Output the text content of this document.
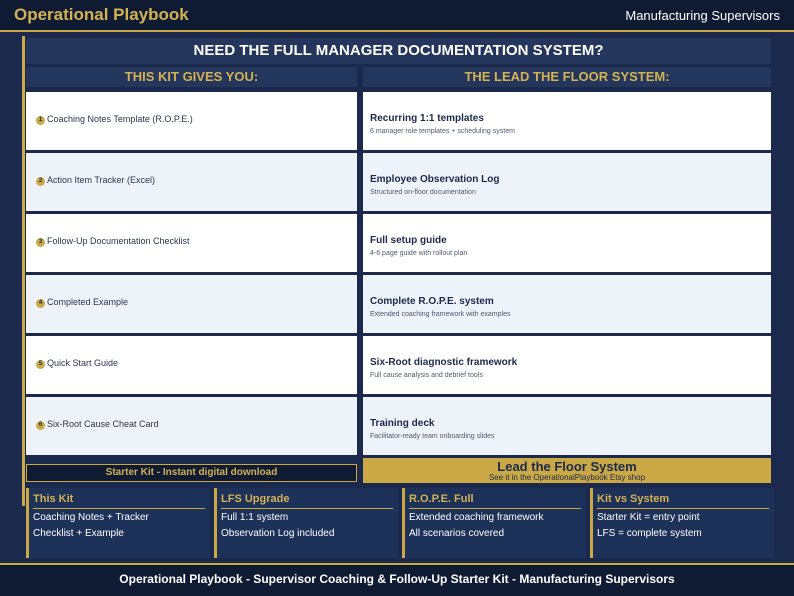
Operational Playbook	Manufacturing Supervisors
NEED THE FULL MANAGER DOCUMENTATION SYSTEM?
THIS KIT GIVES YOU:	THE LEAD THE FLOOR SYSTEM:
1 Coaching Notes Template (R.O.P.E.)
2 Action Item Tracker (Excel)
3 Follow-Up Documentation Checklist
4 Completed Example
5 Quick Start Guide
6 Six-Root Cause Cheat Card
Recurring 1:1 templates
6 manager role templates + scheduling system
Employee Observation Log
Structured on-floor documentation
Full setup guide
4-6 page guide with rollout plan
Complete R.O.P.E. system
Extended coaching framework with examples
Six-Root diagnostic framework
Full cause analysis and debrief tools
Training deck
Facilitator-ready team onboarding slides
Starter Kit - Instant digital download	Lead the Floor System
See it in the OperationalPlaybook Etsy shop
This Kit
Coaching Notes + Tracker
Checklist + Example
LFS Upgrade
Full 1:1 system
Observation Log included
R.O.P.E. Full
Extended coaching framework
All scenarios covered
Kit vs System
Starter Kit = entry point
LFS = complete system
Operational Playbook - Supervisor Coaching & Follow-Up Starter Kit - Manufacturing Supervisors
